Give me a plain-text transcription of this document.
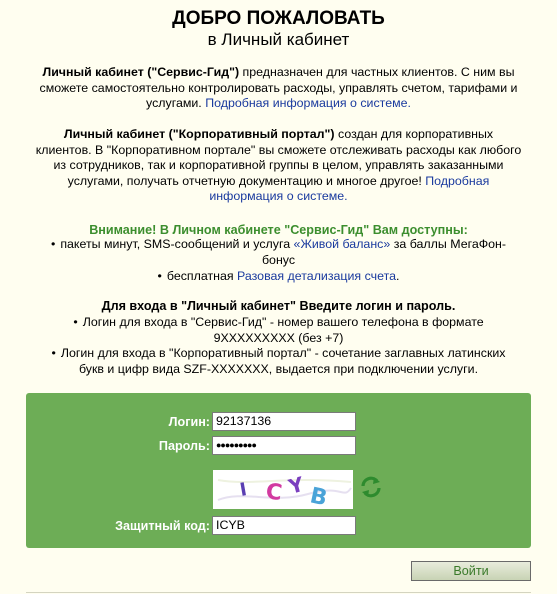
ДОБРО ПОЖАЛОВАТЬ
в Личный кабинет
Личный кабинет ("Сервис-Гид") предназначен для частных клиентов. С ним вы
сможете самостоятельно контролировать расходы, управлять счетом, тарифами и
услугами. Подробная информация о системе.
Личный кабинет ("Корпоративный портал") создан для корпоративных
клиентов. В "Корпоративном портале" вы сможете отслеживать расходы как любого
из сотрудников, так и корпоративной группы в целом, управлять заказанными
услугами, получать отчетную документацию и многое другое! Подробная
информация о системе.
Внимание! В Личном кабинете "Сервис-Гид" Вам доступны:
• пакеты минут, SMS-сообщений и услуга «Живой баланс» за баллы МегаФон-
бонус
• бесплатная Разовая детализация счета.
Для входа в "Личный кабинет" Введите логин и пароль.
• Логин для входа в "Сервис-Гид" - номер вашего телефона в формате
9XXXXXXXXX (без +7)
• Логин для входа в "Корпоративный портал" - сочетание заглавных латинских
букв и цифр вида SZF-XXXXXXX, выдается при подключении услуги.
Логин: 92137136
Пароль: ●●●●●●●●●
I C Y B
Защитный код: ICYB
Войти
